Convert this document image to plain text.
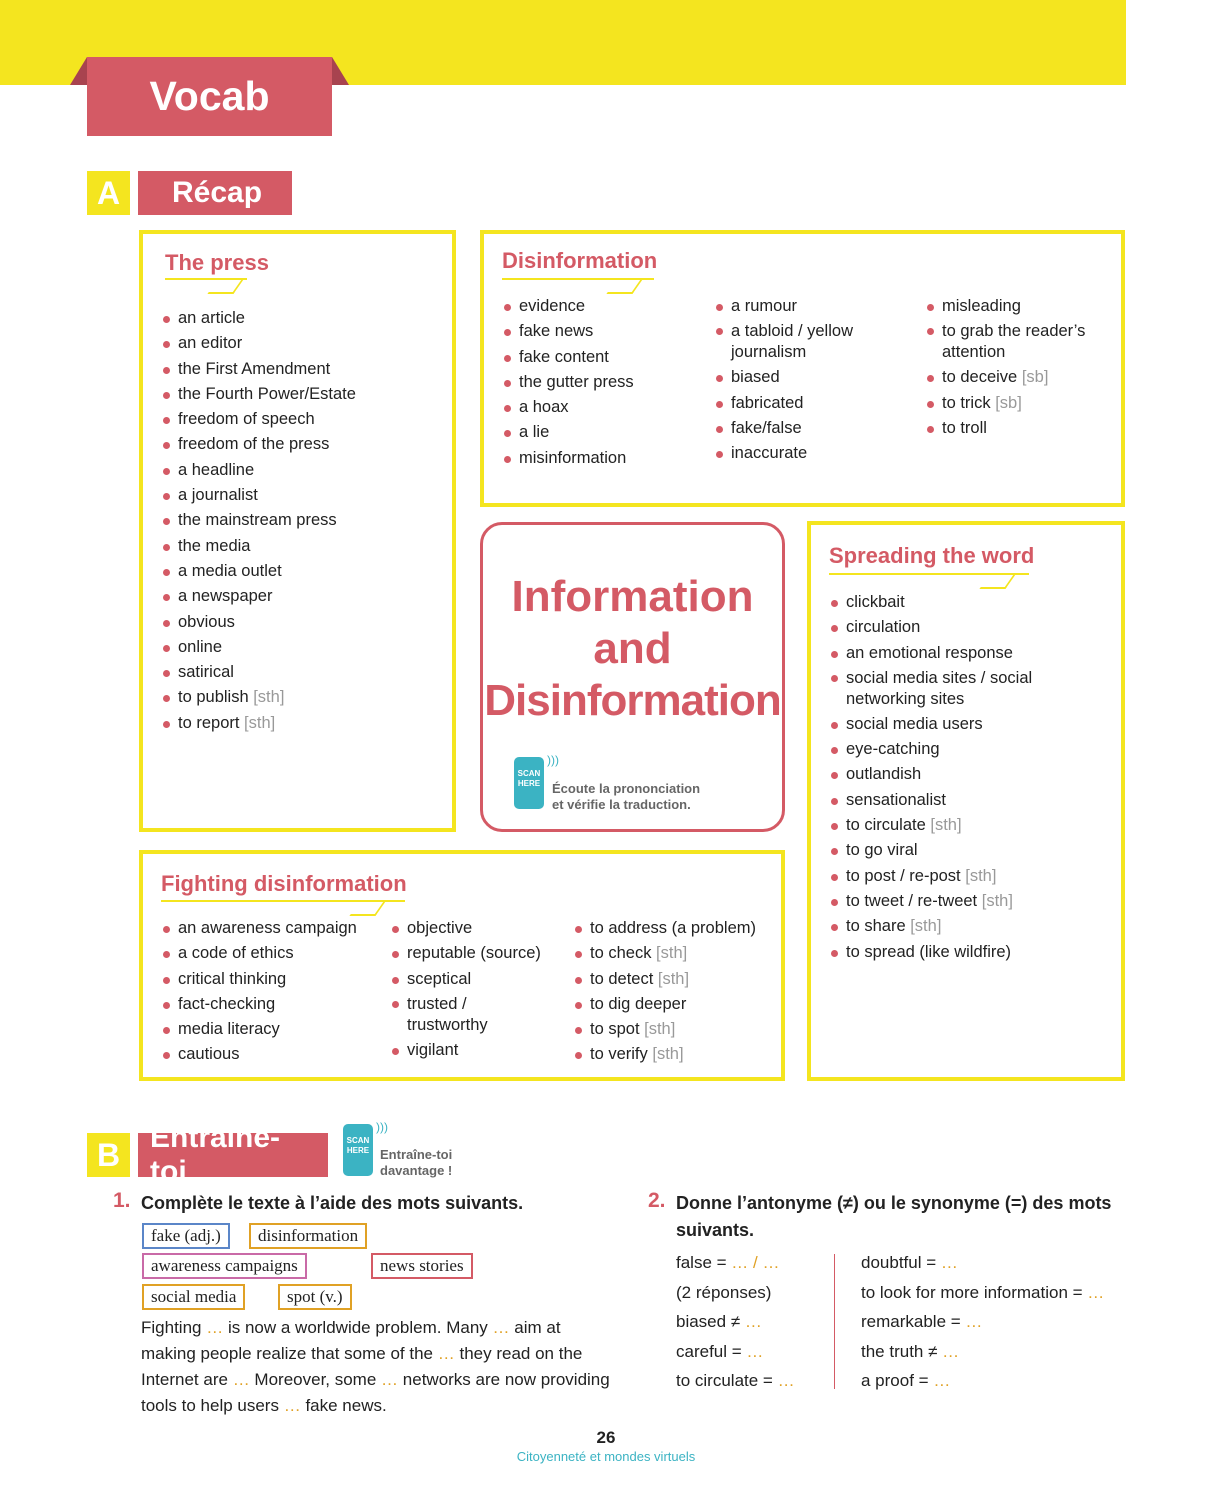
Vocab
A	Récap
The press
an article
an editor
the First Amendment
the Fourth Power/Estate
freedom of speech
freedom of the press
a headline
a journalist
the mainstream press
the media
a media outlet
a newspaper
obvious
online
satirical
to publish [sth]
to report [sth]
Disinformation
evidence
fake news
fake content
the gutter press
a hoax
a lie
misinformation
a rumour
a tabloid / yellow journalism
biased
fabricated
fake/false
inaccurate
misleading
to grab the reader’s attention
to deceive [sb]
to trick [sb]
to troll
Information
and
Disinformation
SCAN
HERE
)))
Écoute la prononciation
et vérifie la traduction.
Spreading the word
clickbait
circulation
an emotional response
social media sites / social networking sites
social media users
eye-catching
outlandish
sensationalist
to circulate [sth]
to go viral
to post / re-post [sth]
to tweet / re-tweet [sth]
to share [sth]
to spread (like wildfire)
Fighting disinformation
an awareness campaign
a code of ethics
critical thinking
fact-checking
media literacy
cautious
objective
reputable (source)
sceptical
trusted / trustworthy
vigilant
to address (a problem)
to check [sth]
to detect [sth]
to dig deeper
to spot [sth]
to verify [sth]
B Entraîne-toi
SCAN
HERE
)))
Entraîne-toi
davantage !
1. Complète le texte à l’aide des mots suivants.
fake (adj.)	disinformation
awareness campaigns	news stories
social media	spot (v.)
Fighting … is now a worldwide problem. Many … aim at making people realize that some of the … they read on the Internet are … Moreover, some … networks are now providing tools to help users … fake news.
2. Donne l’antonyme (≠) ou le synonyme (=) des mots
suivants.
false = … / …
(2 réponses)
biased ≠ …
careful = …
to circulate = …
doubtful = …
to look for more information = …
remarkable = …
the truth ≠ …
a proof = …
26
Citoyenneté et mondes virtuels
